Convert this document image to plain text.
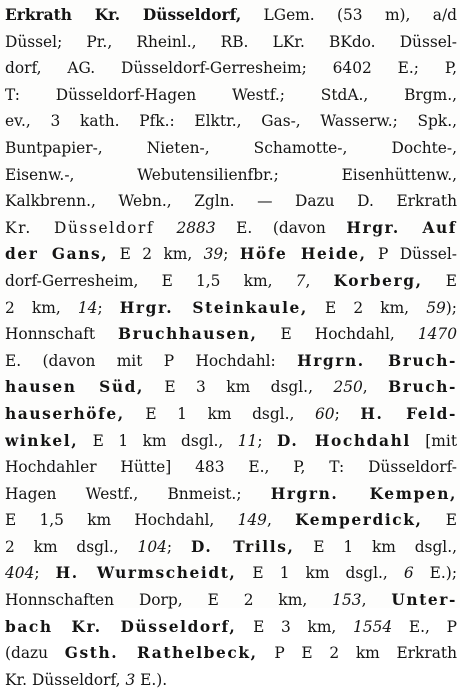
Erkrath Kr. Düsseldorf, LGem. (53 m), a/d
Düssel; Pr., Rheinl., RB. LKr. BKdo. Düssel-
dorf, AG. Düsseldorf-Gerresheim; 6402 E.; P,
T: Düsseldorf-Hagen Westf.; StdA., Brgm.,
ev., 3 kath. Pfk.: Elktr., Gas-, Wasserw.; Spk.,
Buntpapier-, Nieten-, Schamotte-, Dochte-,
Eisenw.-, Webutensilienfbr.; Eisenhüttenw.,
Kalkbrenn., Webn., Zgln. — Dazu D. Erkrath
Kr. Düsseldorf 2883 E. (davon Hrgr. Auf
der Gans, E 2 km, 39; Höfe Heide, P Düssel-
dorf-Gerresheim, E 1,5 km, 7, Korberg, E
2 km, 14; Hrgr. Steinkaule, E 2 km, 59);
Honnschaft Bruchhausen, E Hochdahl, 1470
E. (davon mit P Hochdahl: Hrgrn. Bruch-
hausen Süd, E 3 km dsgl., 250, Bruch-
hauserhöfe, E 1 km dsgl., 60; H. Feld-
winkel, E 1 km dsgl., 11; D. Hochdahl [mit
Hochdahler Hütte] 483 E., P, T: Düsseldorf-
Hagen Westf., Bnmeist.; Hrgrn. Kempen,
E 1,5 km Hochdahl, 149, Kemperdick, E
2 km dsgl., 104; D. Trills, E 1 km dsgl.,
404; H. Wurmscheidt, E 1 km dsgl., 6 E.);
Honnschaften Dorp, E 2 km, 153, Unter-
bach Kr. Düsseldorf, E 3 km, 1554 E., P
(dazu Gsth. Rathelbeck, P E 2 km Erkrath
Kr. Düsseldorf, 3 E.).
